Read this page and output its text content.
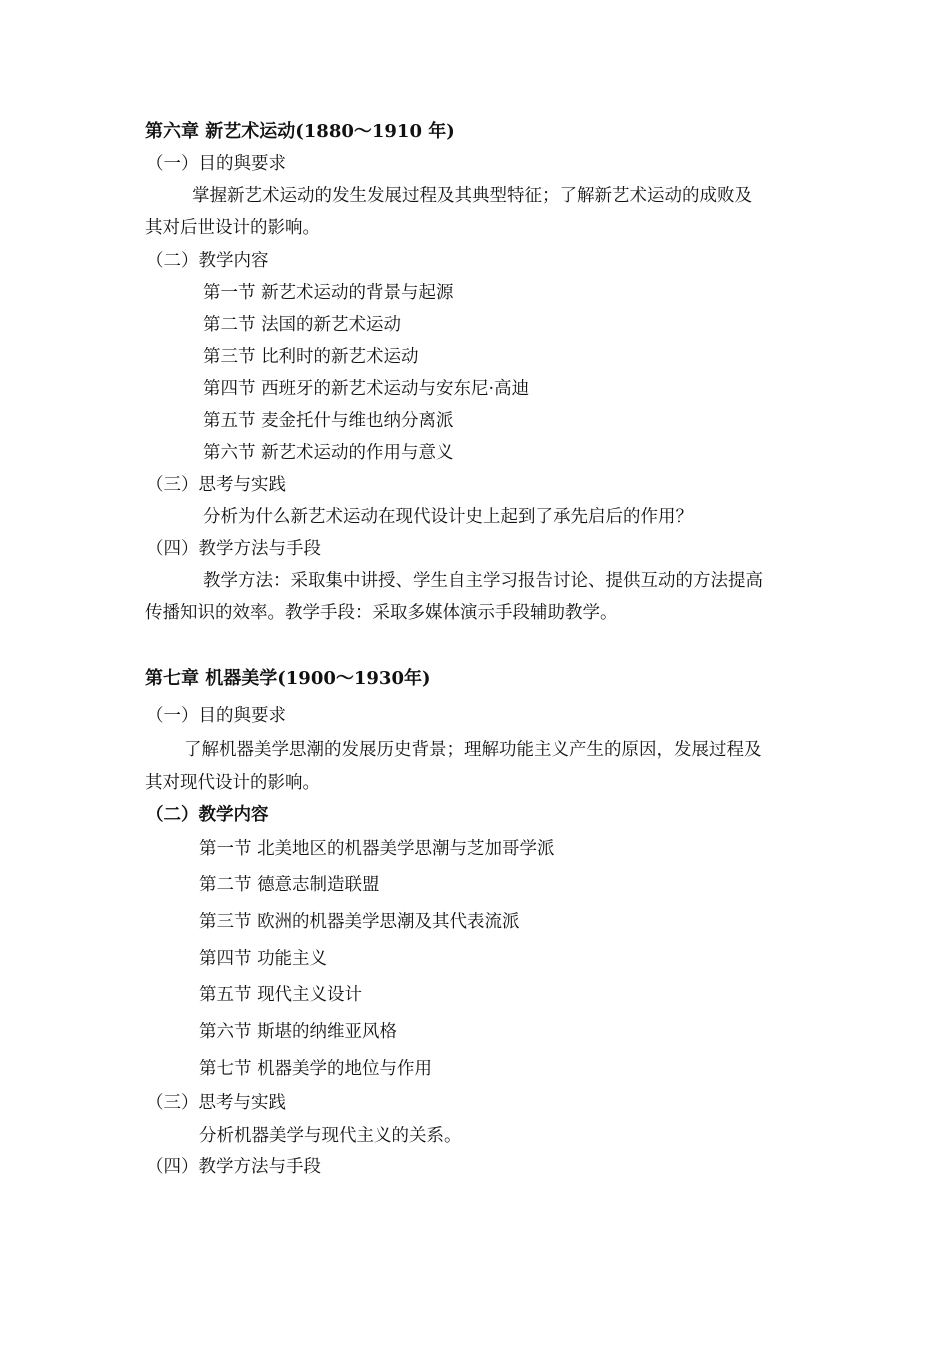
第六章 新艺术运动(1880～1910 年)
（一）目的與要求
掌握新艺术运动的发生发展过程及其典型特征；了解新艺术运动的成败及
其对后世设计的影响。
（二）教学内容
第一节 新艺术运动的背景与起源
第二节 法国的新艺术运动
第三节 比利时的新艺术运动
第四节 西班牙的新艺术运动与安东尼·高迪
第五节 麦金托什与维也纳分离派
第六节 新艺术运动的作用与意义
（三）思考与实践
分析为什么新艺术运动在现代设计史上起到了承先启后的作用？
（四）教学方法与手段
教学方法：采取集中讲授、学生自主学习报告讨论、提供互动的方法提高
传播知识的效率。教学手段：采取多媒体演示手段辅助教学。
第七章 机器美学(1900～1930年)
（一）目的與要求
了解机器美学思潮的发展历史背景；理解功能主义产生的原因，发展过程及
其对现代设计的影响。
（二）教学内容
第一节 北美地区的机器美学思潮与芝加哥学派
第二节 德意志制造联盟
第三节 欧洲的机器美学思潮及其代表流派
第四节 功能主义
第五节 现代主义设计
第六节 斯堪的纳维亚风格
第七节 机器美学的地位与作用
（三）思考与实践
分析机器美学与现代主义的关系。
（四）教学方法与手段
